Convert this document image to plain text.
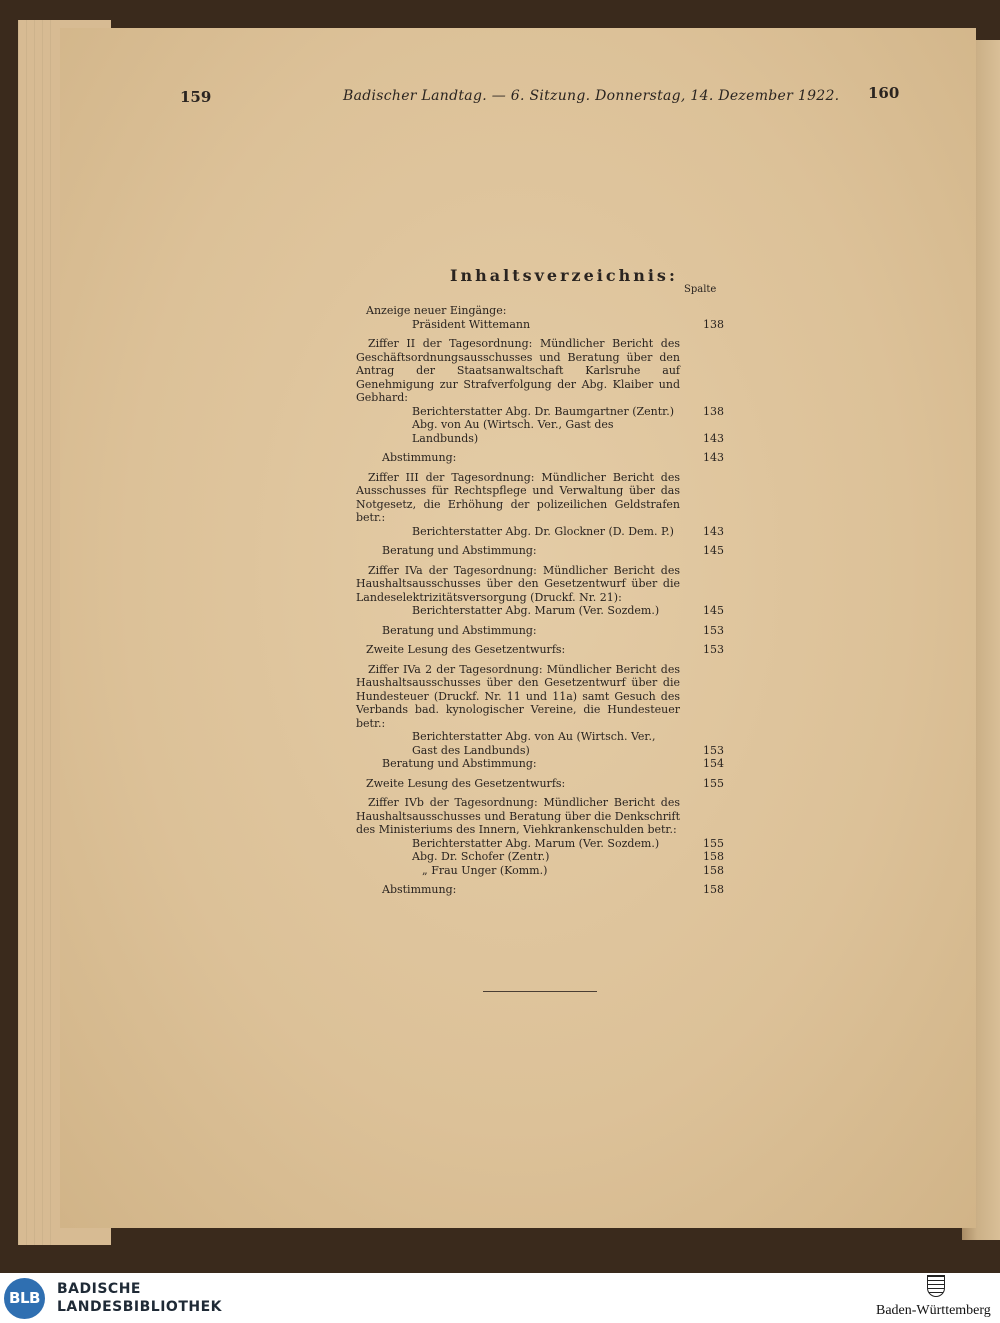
159	Badischer Landtag. — 6. Sitzung. Donnerstag, 14. Dezember 1922. 160
Inhaltsverzeichnis:
Spalte
Anzeige neuer Eingänge:
Präsident Wittemann	138
Ziffer II der Tagesordnung: Mündlicher Bericht des Geschäftsordnungsausschusses und Beratung über den Antrag der Staatsanwaltschaft Karlsruhe auf Genehmigung zur Strafverfolgung der Abg. Klaiber und Gebhard:
Berichterstatter Abg. Dr. Baumgartner (Zentr.)	138
Abg. von Au (Wirtsch. Ver., Gast des Landbunds)	143
Abstimmung:	143
Ziffer III der Tagesordnung: Mündlicher Bericht des Ausschusses für Rechtspflege und Verwaltung über das Notgesetz, die Erhöhung der polizeilichen Geldstrafen betr.:
Berichterstatter Abg. Dr. Glockner (D. Dem. P.)	143
Beratung und Abstimmung:	145
Ziffer IVa der Tagesordnung: Mündlicher Bericht des Haushaltsausschusses über den Gesetzentwurf über die Landeselektrizitätsversorgung (Druckf. Nr. 21):
Berichterstatter Abg. Marum (Ver. Sozdem.)	145
Beratung und Abstimmung:	153
Zweite Lesung des Gesetzentwurfs:	153
Ziffer IVa 2 der Tagesordnung: Mündlicher Bericht des Haushaltsausschusses über den Gesetzentwurf über die Hundesteuer (Druckf. Nr. 11 und 11a) samt Gesuch des Verbands bad. kynologischer Vereine, die Hundesteuer betr.:
Berichterstatter Abg. von Au (Wirtsch. Ver., Gast des Landbunds)	153
Beratung und Abstimmung:	154
Zweite Lesung des Gesetzentwurfs:	155
Ziffer IVb der Tagesordnung: Mündlicher Bericht des Haushaltsausschusses und Beratung über die Denkschrift des Ministeriums des Innern, Viehkrankenschulden betr.:
Berichterstatter Abg. Marum (Ver. Sozdem.)	155
Abg. Dr. Schofer (Zentr.)	158
„ Frau Unger (Komm.)	158
Abstimmung:	158
BLB	BADISCHE
LANDESBIBLIOTHEK	Baden-Württemberg
